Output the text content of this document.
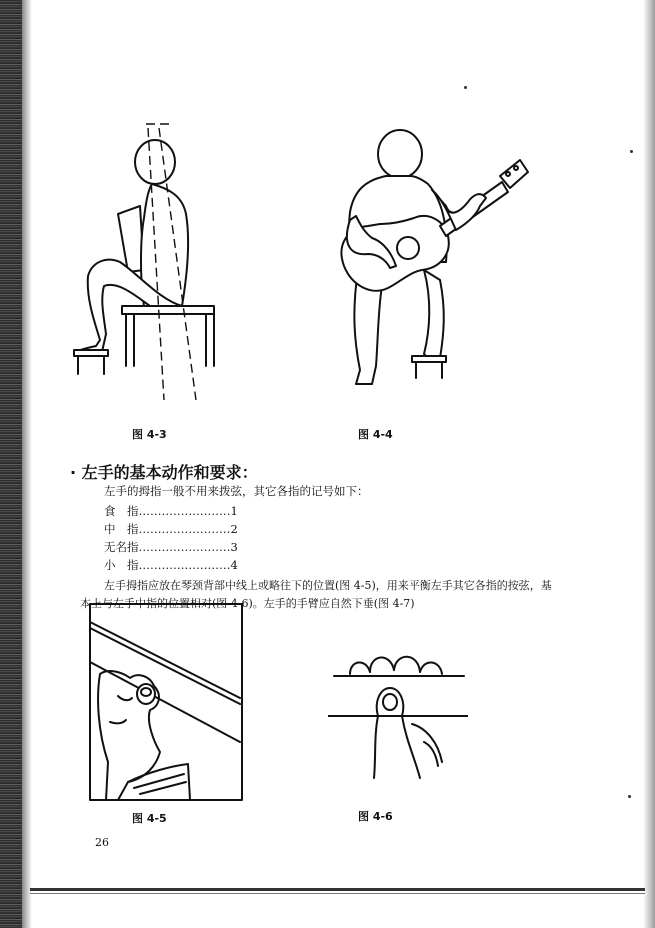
图 4-3	图 4-4
· 左手的基本动作和要求：
左手的拇指一般不用来拨弦，其它各指的记号如下：
食　指……………………1
中　指……………………2
无名指……………………3
小　指……………………4
左手拇指应放在琴颈背部中线上或略往下的位置(图 4-5)，用来平衡左手其它各指的按弦，基
本上与左手中指的位置相对(图 4-6)。左手的手臂应自然下垂(图 4-7)
图 4-5	图 4-6
26
